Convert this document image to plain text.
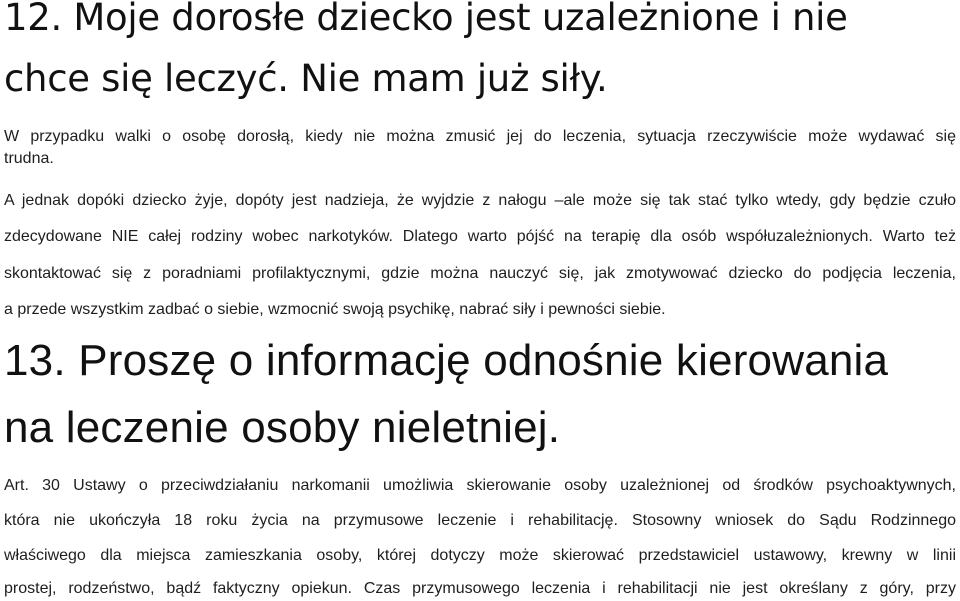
12. Moje dorosłe dziecko jest uzależnione i nie
chce się leczyć. Nie mam już siły.
W przypadku walki o osobę dorosłą, kiedy nie można zmusić jej do leczenia, sytuacja rzeczywiście może wydawać się
trudna.
A jednak dopóki dziecko żyje, dopóty jest nadzieja, że wyjdzie z nałogu –ale może się tak stać tylko wtedy, gdy będzie czuło
zdecydowane NIE całej rodziny wobec narkotyków. Dlatego warto pójść na terapię dla osób współuzależnionych. Warto też
skontaktować się z poradniami profilaktycznymi, gdzie można nauczyć się, jak zmotywować dziecko do podjęcia leczenia,
a przede wszystkim zadbać o siebie, wzmocnić swoją psychikę, nabrać siły i pewności siebie.
13. Proszę o informację odnośnie kierowania
na leczenie osoby nieletniej.
Art. 30 Ustawy o przeciwdziałaniu narkomanii umożliwia skierowanie osoby uzależnionej od środków psychoaktywnych,
która nie ukończyła 18 roku życia na przymusowe leczenie i rehabilitację. Stosowny wniosek do Sądu Rodzinnego
właściwego dla miejsca zamieszkania osoby, której dotyczy może skierować przedstawiciel ustawowy, krewny w linii
prostej, rodzeństwo, bądź faktyczny opiekun. Czas przymusowego leczenia i rehabilitacji nie jest określany z góry, przy
